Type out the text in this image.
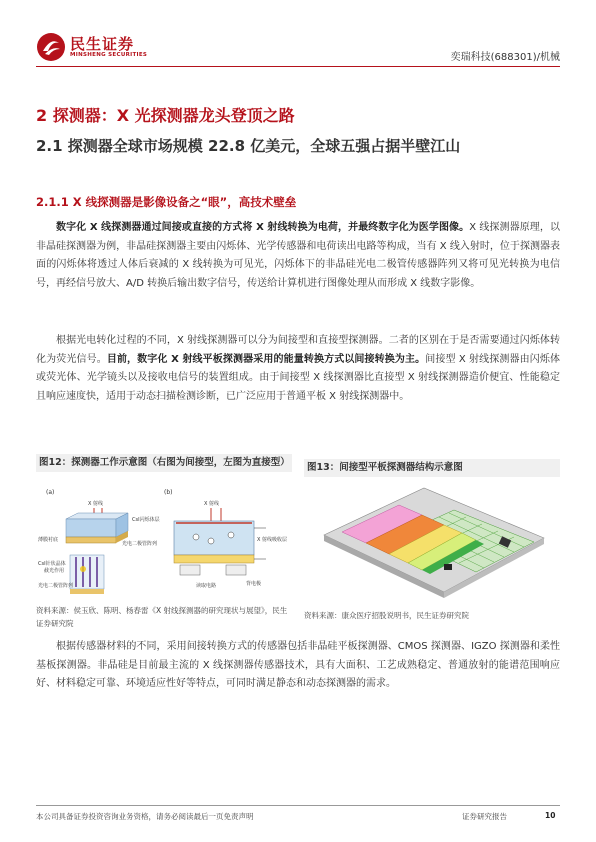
民生证券
MINSHENG SECURITIES	奕瑞科技(688301)/机械
2 探测器：X 光探测器龙头登顶之路
2.1 探测器全球市场规模 22.8 亿美元，全球五强占据半壁江山
2.1.1 X 线探测器是影像设备之“眼”，高技术壁垒
数字化 X 线探测器通过间接或直接的方式将 X 射线转换为电荷，并最终数字化为医学图像。X 线探测器原理，以非晶硅探测器为例，非晶硅探测器主要由闪烁体、光学传感器和电荷读出电路等构成，当有 X 线入射时，位于探测器表面的闪烁体将透过人体后衰减的 X 线转换为可见光，闪烁体下的非晶硅光电二极管传感器阵列又将可见光转换为电信号，再经信号放大、A/D 转换后输出数字信号，传送给计算机进行图像处理从而形成 X 线数字影像。
根据光电转化过程的不同，X 射线探测器可以分为间接型和直接型探测器。二者的区别在于是否需要通过闪烁体转化为荧光信号。目前，数字化 X 射线平板探测器采用的能量转换方式以间接转换为主。间接型 X 射线探测器由闪烁体或荧光体、光学镜头以及接收电信号的装置组成。由于间接型 X 线探测器比直接型 X 射线探测器造价便宜、性能稳定且响应速度快，适用于动态扫描检测诊断，已广泛应用于普通平板 X 射线探测器中。
图12：探测器工作示意图（右图为间接型，左图为直接型）
(a)
X 射线
CsI闪烁体层
薄膜衬底
光电二极管阵列
CsI针状晶体
截光作用
光电二极管阵列
(b)
X 射线
X 射线吸收层
读取电路	背电极
资料来源：侯玉欣、陈明、杨春雷《X 射线探测器的研究现状与展望》，民生证券研究院
图13：间接型平板探测器结构示意图
资料来源：康众医疗招股说明书，民生证券研究院
根据传感器材料的不同，采用间接转换方式的传感器包括非晶硅平板探测器、CMOS 探测器、IGZO 探测器和柔性基板探测器。非晶硅是目前最主流的 X 线探测器传感器技术，具有大面积、工艺成熟稳定、普通放射的能谱范围响应好、材料稳定可靠、环境适应性好等特点，可同时满足静态和动态探测器的需求。
本公司具备证券投资咨询业务资格，请务必阅读最后一页免责声明	证券研究报告	10
